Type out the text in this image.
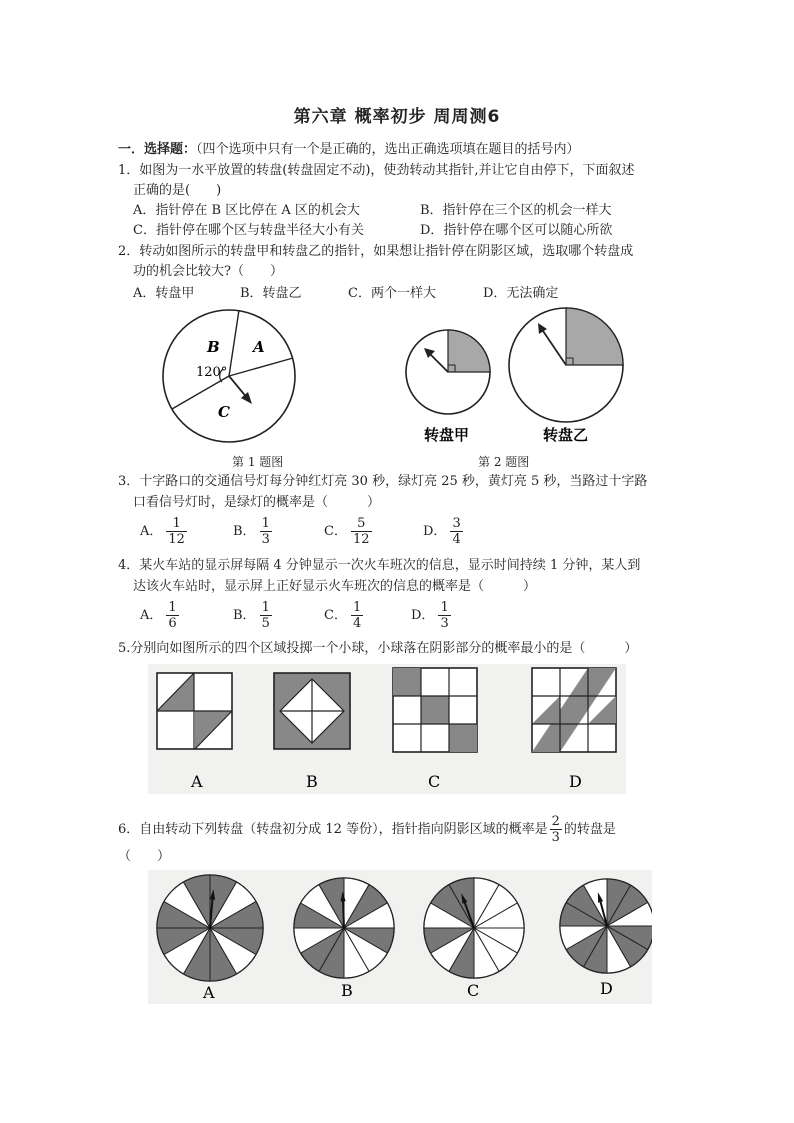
第六章 概率初步 周周测6
一．选择题：（四个选项中只有一个是正确的，选出正确选项填在题目的括号内）
1．如图为一水平放置的转盘(转盘固定不动)，使劲转动其指针,并让它自由停下，下面叙述
正确的是(　　)
A．指针停在 B 区比停在 A 区的机会大	B．指针停在三个区的机会一样大
C．指针停在哪个区与转盘半径大小有关	D．指针停在哪个区可以随心所欲
2．转动如图所示的转盘甲和转盘乙的指针，如果想让指针停在阴影区域，选取哪个转盘成
功的机会比较大?（　　）
A．转盘甲	B．转盘乙	C．两个一样大	D．无法确定
B A
120°
C
转盘甲	转盘乙
第 1 题图	第 2 题图
3．十字路口的交通信号灯每分钟红灯亮 30 秒，绿灯亮 25 秒，黄灯亮 5 秒，当路过十字路
口看信号灯时，是绿灯的概率是（　　　）
A． $\frac{1}{12}$	B． $\frac{1}{3}$	C． $\frac{5}{12}$	D． $\frac{3}{4}$
4．某火车站的显示屏每隔 4 分钟显示一次火车班次的信息，显示时间持续 1 分钟，某人到
达该火车站时，显示屏上正好显示火车班次的信息的概率是（　　　）
A． $\frac{1}{6}$	B． $\frac{1}{5}$	C． $\frac{1}{4}$	D． $\frac{1}{3}$
5.分别向如图所示的四个区域投掷一个小球，小球落在阴影部分的概率最小的是（　　　）
A	B	C	D
6．自由转动下列转盘（转盘初分成 12 等份），指针指向阴影区域的概率是 $\frac{2}{3}$ 的转盘是
（　　）
A	B	C	D
